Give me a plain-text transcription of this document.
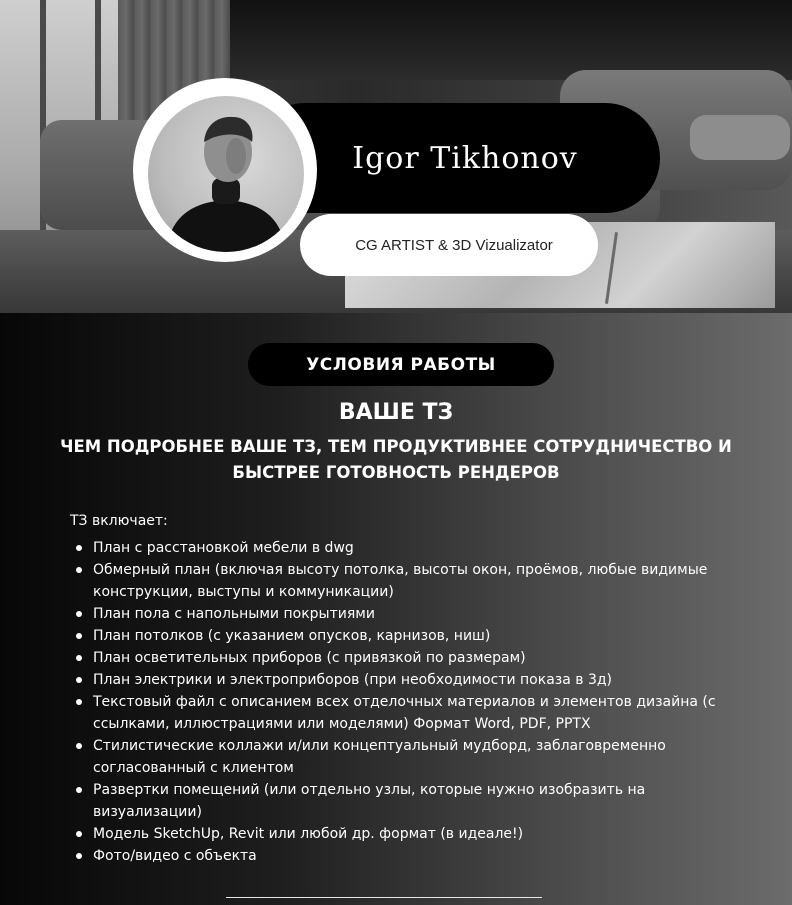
Igor Tikhonov
CG ARTIST & 3D Vizualizator
УСЛОВИЯ РАБОТЫ
ВАШЕ ТЗ
ЧЕМ ПОДРОБНЕЕ ВАШЕ ТЗ, ТЕМ ПРОДУКТИВНЕЕ СОТРУДНИЧЕСТВО И БЫСТРЕЕ ГОТОВНОСТЬ РЕНДЕРОВ
ТЗ включает:
План с расстановкой мебели в dwg
Обмерный план (включая высоту потолка, высоты окон, проёмов, любые видимые конструкции, выступы и коммуникации)
План пола с напольными покрытиями
План потолков (с указанием опусков, карнизов, ниш)
План осветительных приборов (с привязкой по размерам)
План электрики и электроприборов (при необходимости показа в 3д)
Текстовый файл с описанием всех отделочных материалов и элементов дизайна (с ссылками, иллюстрациями или моделями) Формат Word, PDF, PPTX
Стилистические коллажи и/или концептуальный мудборд, заблаговременно согласованный с клиентом
Развертки помещений (или отдельно узлы, которые нужно изобразить на визуализации)
Модель SketchUp, Revit или любой др. формат (в идеале!)
Фото/видео с объекта
